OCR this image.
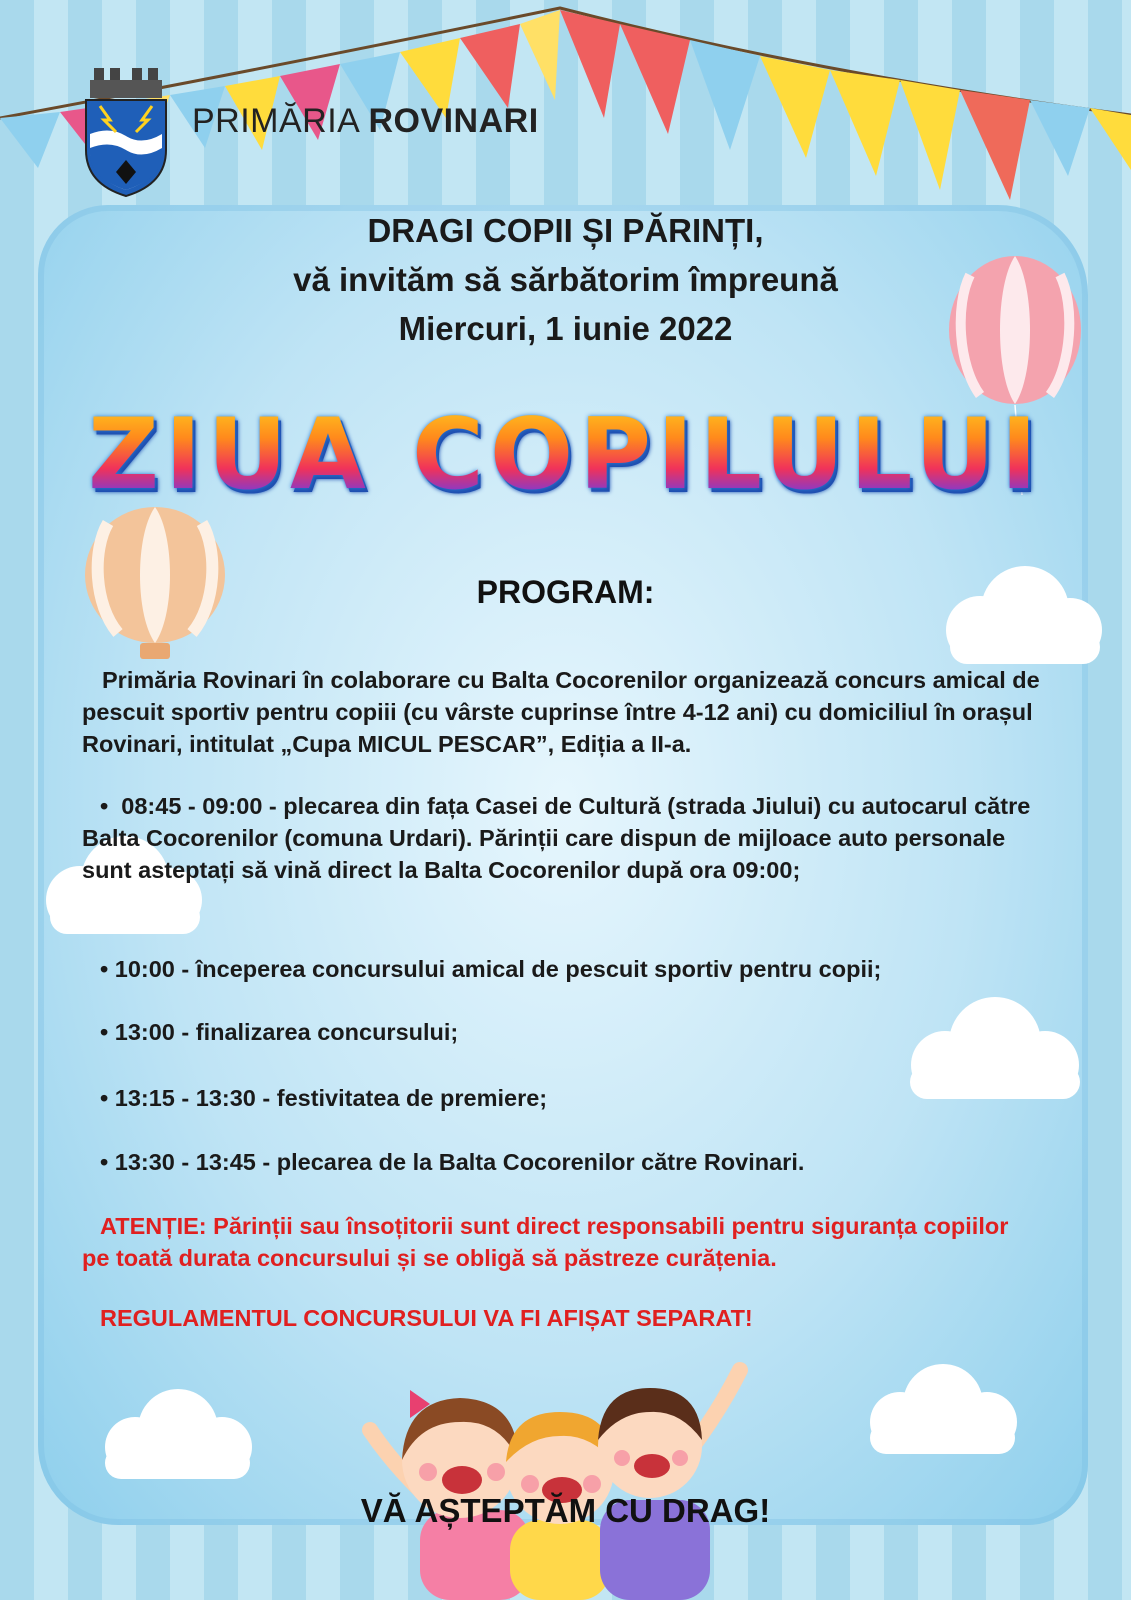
PRIMĂRIA ROVINARI
DRAGI COPII ȘI PĂRINȚI,
vă invităm să sărbătorim împreună
Miercuri, 1 iunie 2022
ZIUA COPILULUI
PROGRAM:
Primăria Rovinari în colaborare cu Balta Cocorenilor organizează concurs amical de pescuit sportiv pentru copiii (cu vârste cuprinse între 4-12 ani) cu domiciliul în orașul Rovinari, intitulat „Cupa MICUL PESCAR”, Ediția a II-a.
•  08:45 - 09:00 - plecarea din fața Casei de Cultură (strada Jiului) cu autocarul către Balta Cocorenilor (comuna Urdari). Părinții care dispun de mijloace auto personale sunt asteptați să vină direct la Balta Cocorenilor după ora 09:00;
• 10:00 - începerea concursului amical de pescuit sportiv pentru copii;
• 13:00 - finalizarea concursului;
• 13:15 - 13:30 - festivitatea de premiere;
• 13:30 - 13:45 - plecarea de la Balta Cocorenilor către Rovinari.
ATENȚIE: Părinții sau însoțitorii sunt direct responsabili pentru siguranța copiilor pe toată durata concursului și se obligă să păstreze curățenia.
REGULAMENTUL CONCURSULUI VA FI AFIȘAT SEPARAT!
VĂ AȘTEPTĂM CU DRAG!
